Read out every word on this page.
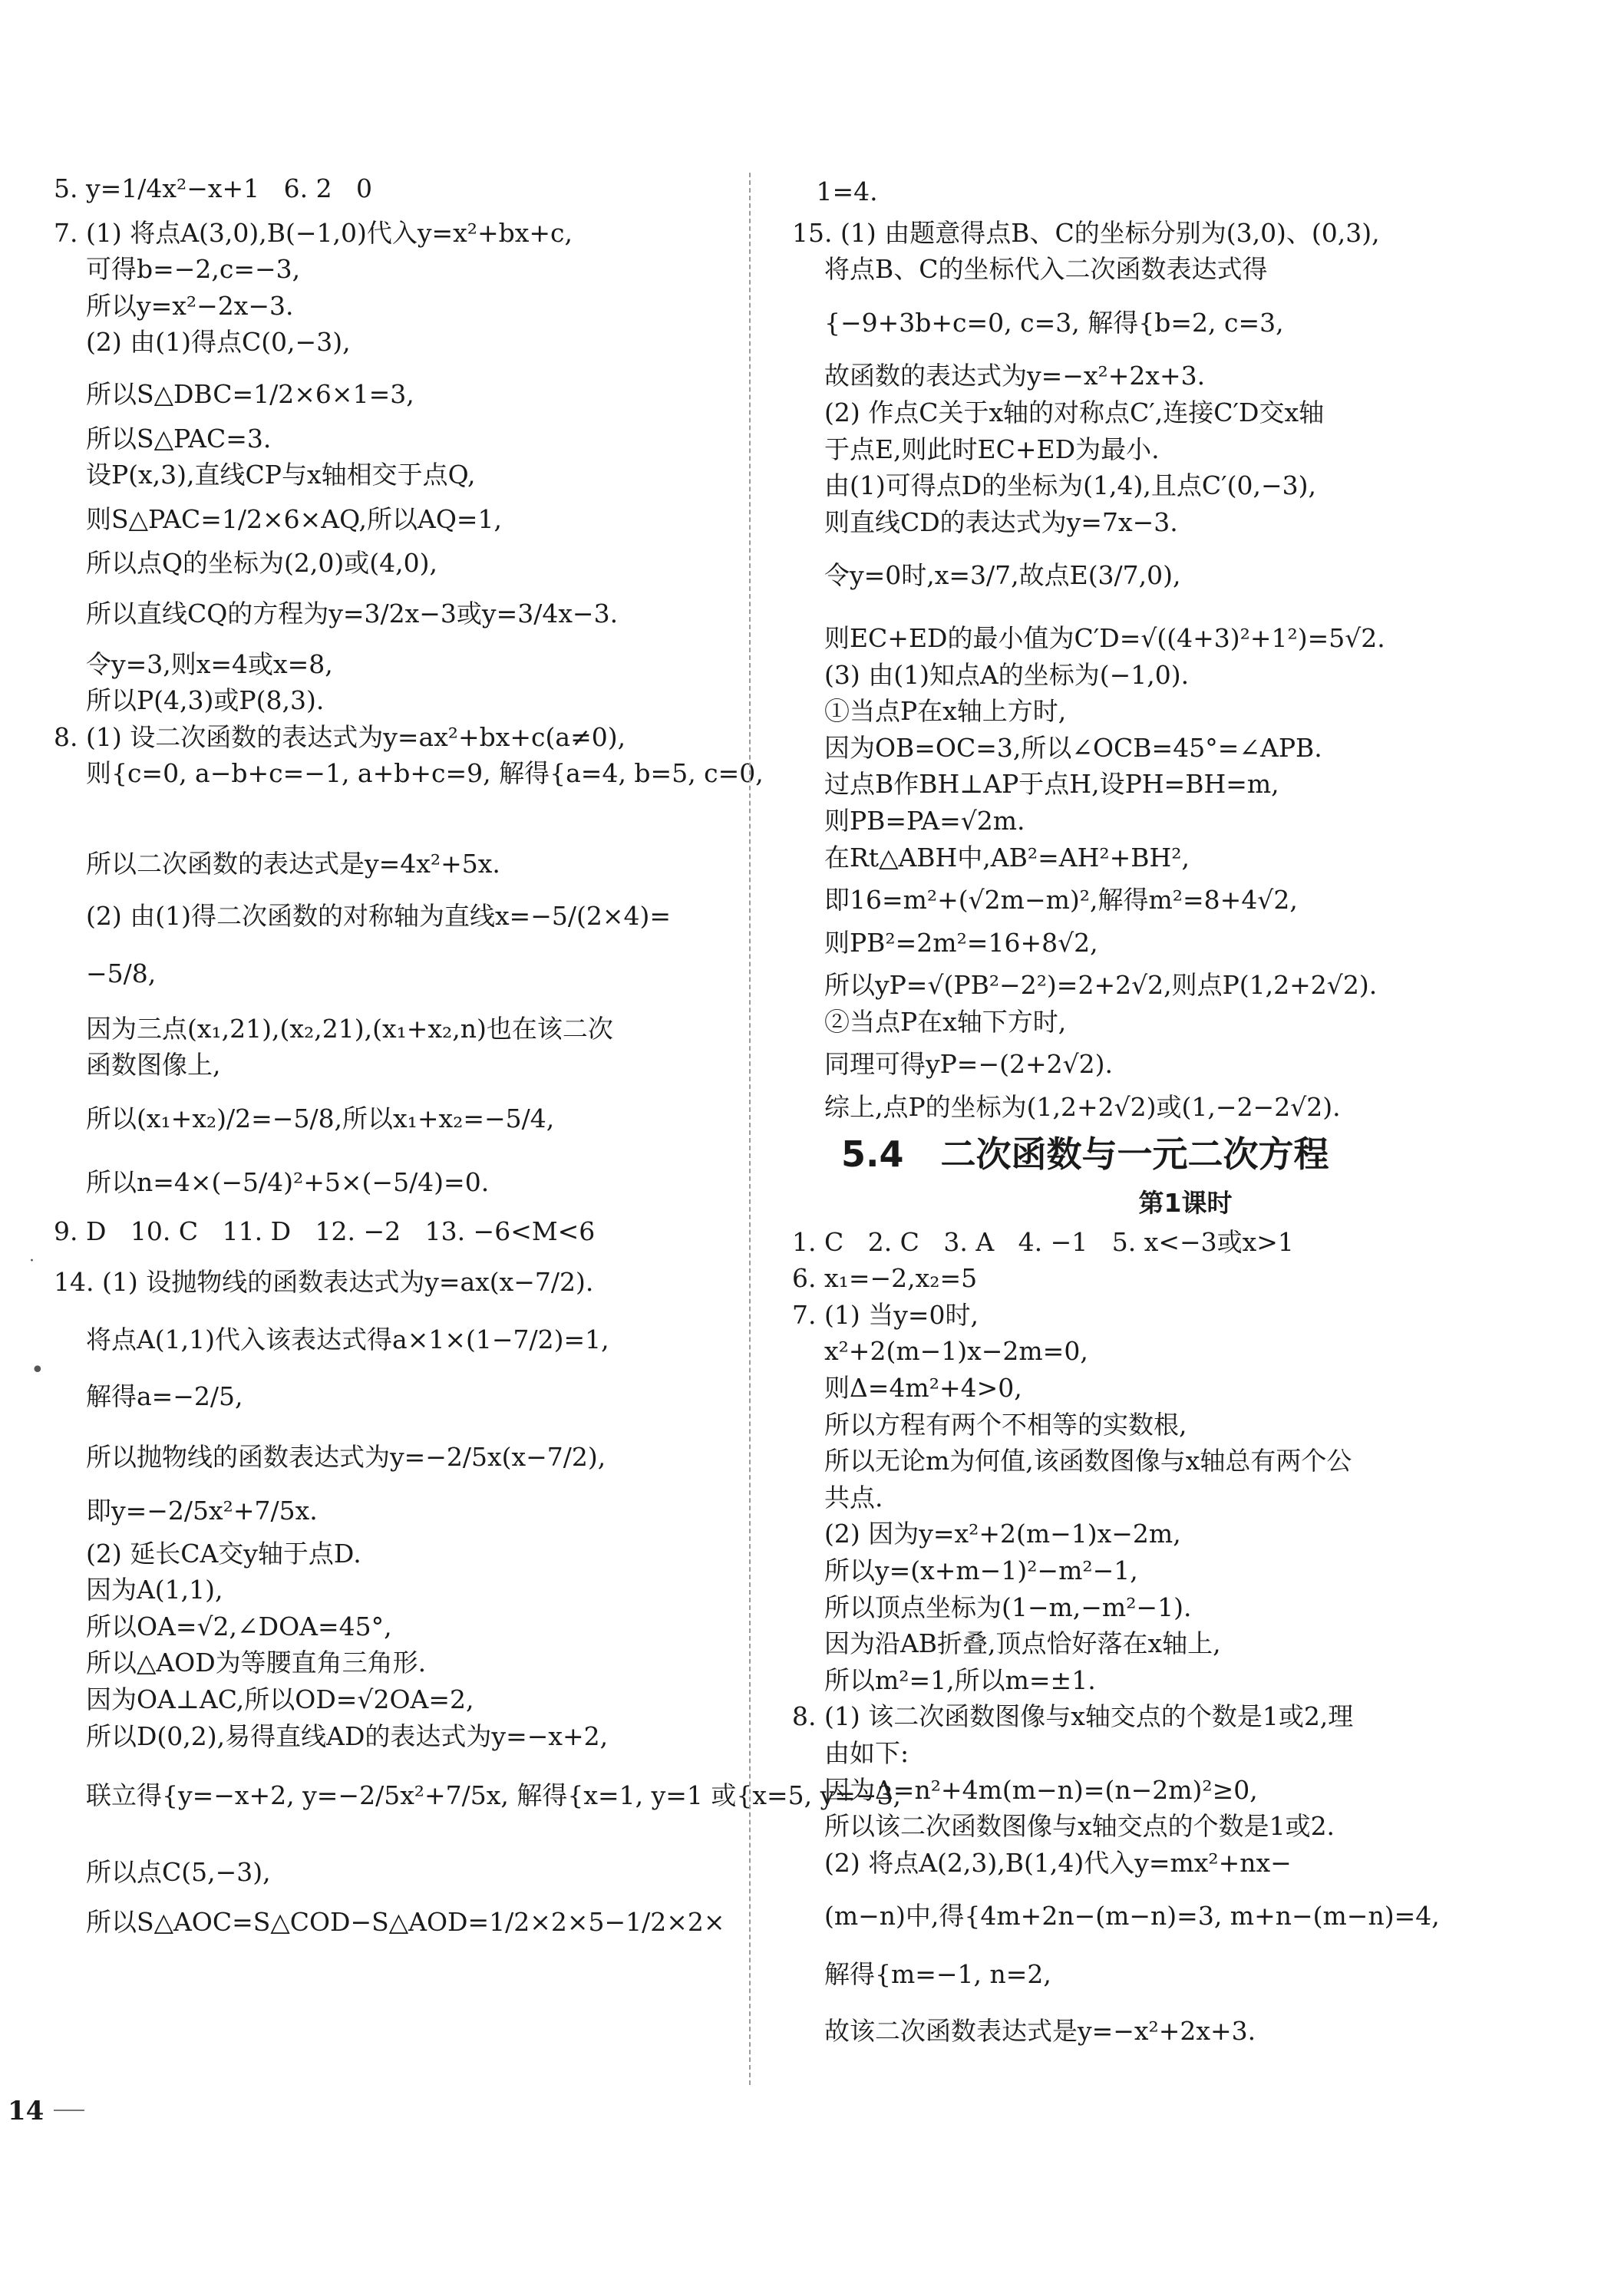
5. y=1/4x²−x+1   6. 2   0
7. (1) 将点A(3,0),B(−1,0)代入y=x²+bx+c,
可得b=−2,c=−3,
所以y=x²−2x−3.
(2) 由(1)得点C(0,−3),
所以S△DBC=1/2×6×1=3,
所以S△PAC=3.
设P(x,3),直线CP与x轴相交于点Q,
则S△PAC=1/2×6×AQ,所以AQ=1,
所以点Q的坐标为(2,0)或(4,0),
所以直线CQ的方程为y=3/2x−3或y=3/4x−3.
令y=3,则x=4或x=8,
所以P(4,3)或P(8,3).
8. (1) 设二次函数的表达式为y=ax²+bx+c(a≠0),
则{c=0, a−b+c=−1, a+b+c=9, 解得{a=4, b=5, c=0,
所以二次函数的表达式是y=4x²+5x.
(2) 由(1)得二次函数的对称轴为直线x=−5/(2×4)=
−5/8,
因为三点(x₁,21),(x₂,21),(x₁+x₂,n)也在该二次
函数图像上,
所以(x₁+x₂)/2=−5/8,所以x₁+x₂=−5/4,
所以n=4×(−5/4)²+5×(−5/4)=0.
9. D   10. C   11. D   12. −2   13. −6<M<6
14. (1) 设抛物线的函数表达式为y=ax(x−7/2).
将点A(1,1)代入该表达式得a×1×(1−7/2)=1,
解得a=−2/5,
所以抛物线的函数表达式为y=−2/5x(x−7/2),
即y=−2/5x²+7/5x.
(2) 延长CA交y轴于点D.
因为A(1,1),
所以OA=√2,∠DOA=45°,
所以△AOD为等腰直角三角形.
因为OA⊥AC,所以OD=√2OA=2,
所以D(0,2),易得直线AD的表达式为y=−x+2,
联立得{y=−x+2, y=−2/5x²+7/5x, 解得{x=1, y=1 或{x=5, y=−3,
所以点C(5,−3),
所以S△AOC=S△COD−S△AOD=1/2×2×5−1/2×2×
1=4.
15. (1) 由题意得点B、C的坐标分别为(3,0)、(0,3),
将点B、C的坐标代入二次函数表达式得
{−9+3b+c=0, c=3, 解得{b=2, c=3,
故函数的表达式为y=−x²+2x+3.
(2) 作点C关于x轴的对称点C′,连接C′D交x轴
于点E,则此时EC+ED为最小.
由(1)可得点D的坐标为(1,4),且点C′(0,−3),
则直线CD的表达式为y=7x−3.
令y=0时,x=3/7,故点E(3/7,0),
则EC+ED的最小值为C′D=√((4+3)²+1²)=5√2.
(3) 由(1)知点A的坐标为(−1,0).
①当点P在x轴上方时,
因为OB=OC=3,所以∠OCB=45°=∠APB.
过点B作BH⊥AP于点H,设PH=BH=m,
则PB=PA=√2m.
在Rt△ABH中,AB²=AH²+BH²,
即16=m²+(√2m−m)²,解得m²=8+4√2,
则PB²=2m²=16+8√2,
所以yP=√(PB²−2²)=2+2√2,则点P(1,2+2√2).
②当点P在x轴下方时,
同理可得yP=−(2+2√2).
综上,点P的坐标为(1,2+2√2)或(1,−2−2√2).
5.4   二次函数与一元二次方程
第1课时
1. C   2. C   3. A   4. −1   5. x<−3或x>1
6. x₁=−2,x₂=5
7. (1) 当y=0时,
x²+2(m−1)x−2m=0,
则Δ=4m²+4>0,
所以方程有两个不相等的实数根,
所以无论m为何值,该函数图像与x轴总有两个公
共点.
(2) 因为y=x²+2(m−1)x−2m,
所以y=(x+m−1)²−m²−1,
所以顶点坐标为(1−m,−m²−1).
因为沿AB折叠,顶点恰好落在x轴上,
所以m²=1,所以m=±1.
8. (1) 该二次函数图像与x轴交点的个数是1或2,理
由如下:
因为Δ=n²+4m(m−n)=(n−2m)²≥0,
所以该二次函数图像与x轴交点的个数是1或2.
(2) 将点A(2,3),B(1,4)代入y=mx²+nx−
(m−n)中,得{4m+2n−(m−n)=3, m+n−(m−n)=4,
解得{m=−1, n=2,
故该二次函数表达式是y=−x²+2x+3.
·
•
14
